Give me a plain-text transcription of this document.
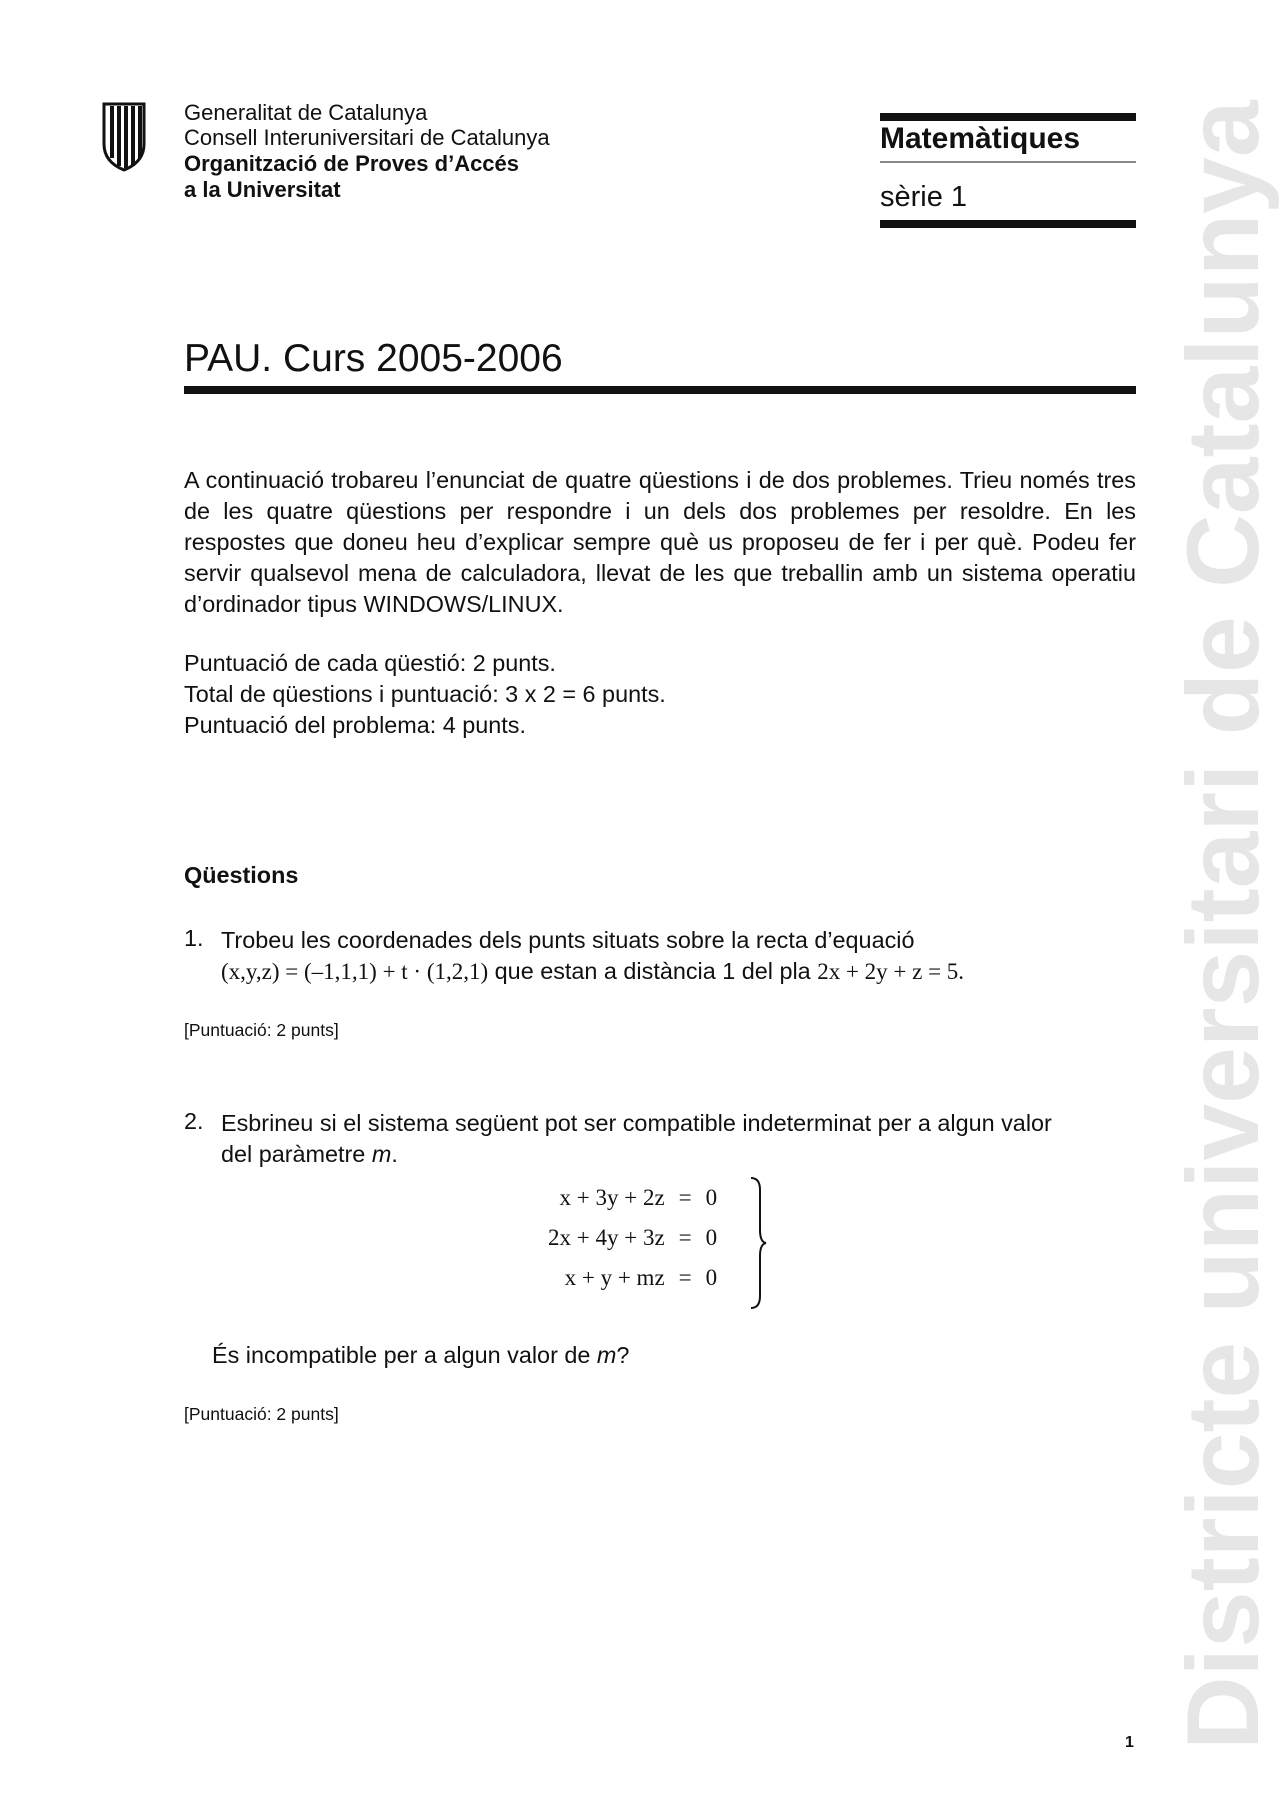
Generalitat de Catalunya
Consell Interuniversitari de Catalunya
Organització de Proves d’Accés
a la Universitat
Matemàtiques
sèrie 1
PAU. Curs 2005-2006
A continuació trobareu l’enunciat de quatre qüestions i de dos problemes. Trieu només tres de les quatre qüestions per respondre i un dels dos problemes per resoldre. En les respostes que doneu heu d’explicar sempre què us proposeu de fer i per què. Podeu fer servir qualsevol mena de calculadora, llevat de les que treballin amb un sistema operatiu d’ordinador tipus WINDOWS/LINUX.
Puntuació de cada qüestió: 2 punts.
Total de qüestions i puntuació: 3 x 2 = 6 punts.
Puntuació del problema: 4 punts.
Qüestions
1. Trobeu les coordenades dels punts situats sobre la recta d’equació
(x,y,z) = (–1,1,1) + t · (1,2,1) que estan a distància 1 del pla 2x + 2y + z = 5.
[Puntuació: 2 punts]
2. Esbrineu si el sistema següent pot ser compatible indeterminat per a algun valor
del paràmetre m.
x + 3y + 2z	=	0
2x + 4y + 3z	=	0
x + y + mz	=	0
És incompatible per a algun valor de m?
[Puntuació: 2 punts]	Districte universitari de Catalunya
1
